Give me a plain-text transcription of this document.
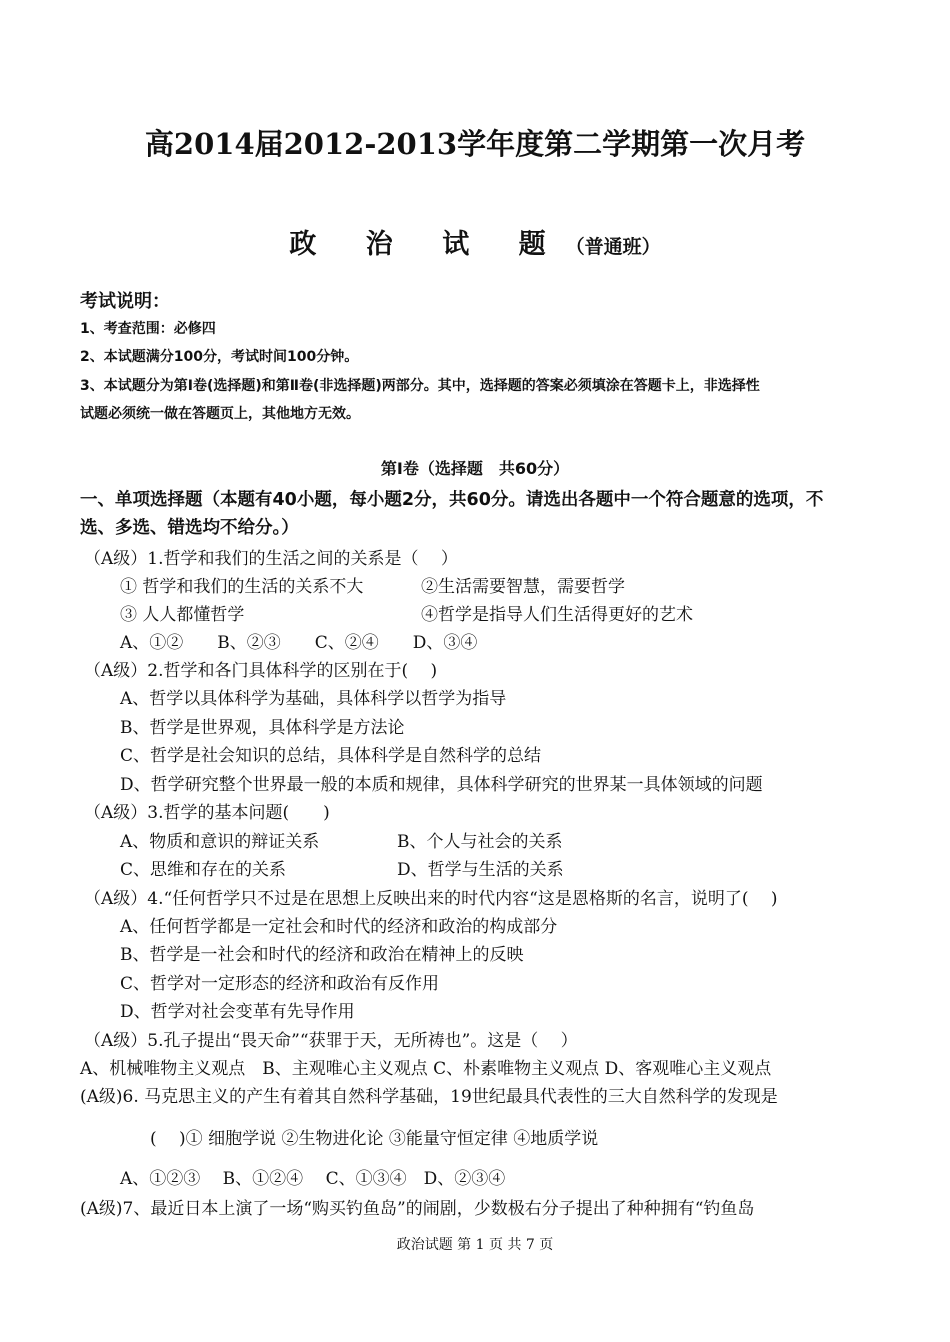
高2014届2012-2013学年度第二学期第一次月考
政 治 试 题（普通班）
考试说明：
1、考查范围：必修四
2、本试题满分100分，考试时间100分钟。
3、本试题分为第Ⅰ卷(选择题)和第Ⅱ卷(非选择题)两部分。其中，选择题的答案必须填涂在答题卡上，非选择性
试题必须统一做在答题页上，其他地方无效。
第Ⅰ卷（选择题　共60分）
一、单项选择题（本题有40小题，每小题2分，共60分。请选出各题中一个符合题意的选项，不
选、多选、错选均不给分。）
（A级）1.哲学和我们的生活之间的关系是（　 ）
① 哲学和我们的生活的关系不大	②生活需要智慧，需要哲学
③ 人人都懂哲学	④哲学是指导人们生活得更好的艺术
A、①②　　B、②③　　C、②④　　D、③④
（A级）2.哲学和各门具体科学的区别在于(　 )
A、哲学以具体科学为基础，具体科学以哲学为指导
B、哲学是世界观，具体科学是方法论
C、哲学是社会知识的总结，具体科学是自然科学的总结
D、哲学研究整个世界最一般的本质和规律，具体科学研究的世界某一具体领域的问题
（A级）3.哲学的基本问题(　　)
A、物质和意识的辩证关系	B、个人与社会的关系
C、思维和存在的关系	D、哲学与生活的关系
（A级）4.“任何哲学只不过是在思想上反映出来的时代内容“这是恩格斯的名言，说明了(　 )
A、任何哲学都是一定社会和时代的经济和政治的构成部分
B、哲学是一社会和时代的经济和政治在精神上的反映
C、哲学对一定形态的经济和政治有反作用
D、哲学对社会变革有先导作用
（A级）5.孔子提出“畏天命”“获罪于天，无所祷也”。这是（　 ）
A、机械唯物主义观点　B、主观唯心主义观点 C、朴素唯物主义观点 D、客观唯心主义观点
(A级)6. 马克思主义的产生有着其自然科学基础，19世纪最具代表性的三大自然科学的发现是
(　 )① 细胞学说 ②生物进化论 ③能量守恒定律 ④地质学说
A、①②③　 B、①②④　 C、①③④　D、②③④
(A级)7、最近日本上演了一场“购买钓鱼岛”的闹剧，少数极右分子提出了种种拥有“钓鱼岛
政治试题 第 1 页 共 7 页
